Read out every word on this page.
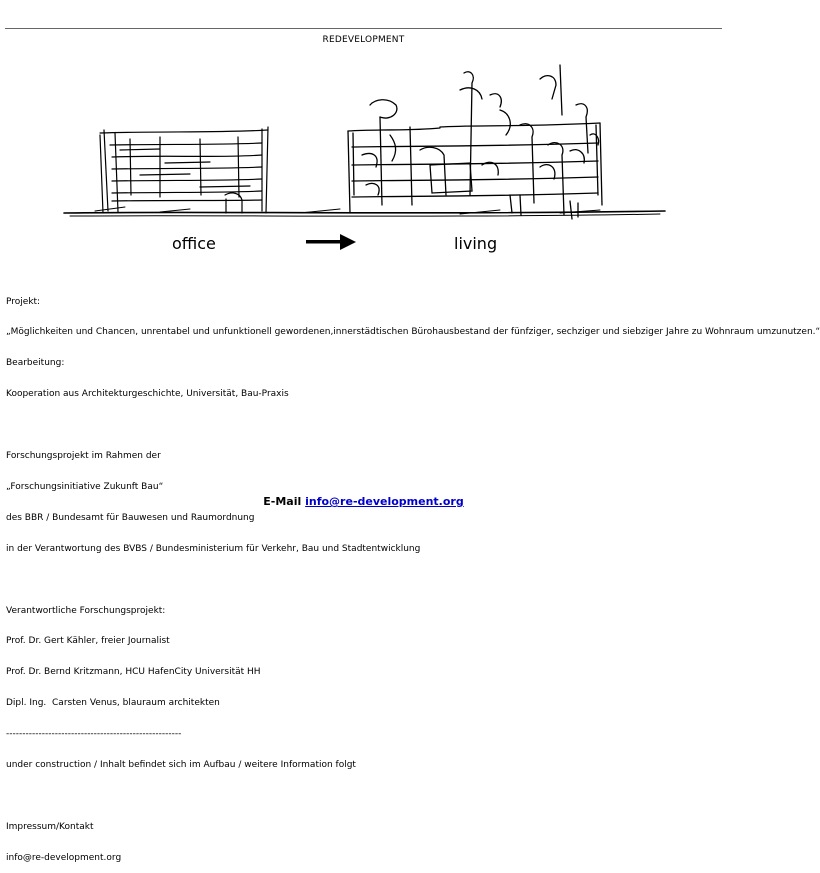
REDEVELOPMENT
office	living

Projekt:

„Möglichkeiten und Chancen, unrentabel und unfunktionell gewordenen,innerstädtischen Bürohausbestand der fünfziger, sechziger und siebziger Jahre zu Wohnraum umzunutzen.“

Bearbeitung:

Kooperation aus Architekturgeschichte, Universität, Bau-Praxis

Forschungsprojekt im Rahmen der

„Forschungsinitiative Zukunft Bau“

des BBR / Bundesamt für Bauwesen und Raumordnung

in der Verantwortung des BVBS / Bundesministerium für Verkehr, Bau und Stadtentwicklung

Verantwortliche Forschungsprojekt:

Prof. Dr. Gert Kähler, freier Journalist

Prof. Dr. Bernd Kritzmann, HCU HafenCity Universität HH

Dipl. Ing.  Carsten Venus, blauraum architekten

------------------------------------------------------

under construction / Inhalt befindet sich im Aufbau / weitere Information folgt

Impressum/Kontakt

info@re-development.org

E-Mail info@re-development.org
